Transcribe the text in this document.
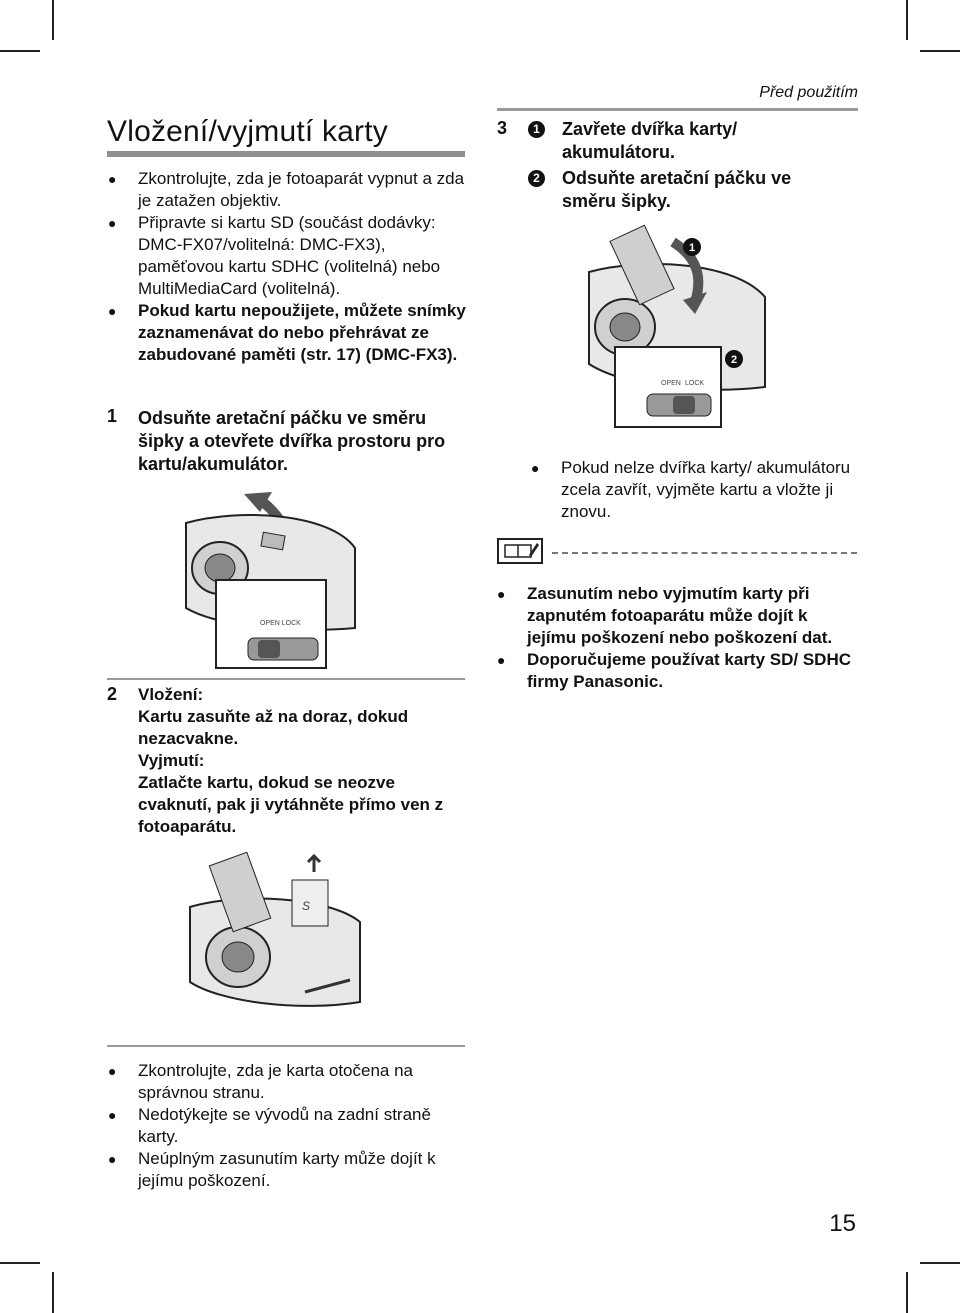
Před použitím
Vložení/vyjmutí karty

● Zkontrolujte, zda je fotoaparát vypnut a zda je zatažen objektiv.

● Připravte si kartu SD (součást dodávky: DMC-FX07/volitelná: DMC-FX3), paměťovou kartu SDHC (volitelná) nebo MultiMediaCard (volitelná).

● Pokud kartu nepoužijete, můžete snímky zaznamenávat do nebo přehrávat ze zabudované paměti (str. 17) (DMC-FX3).

1 Odsuňte aretační páčku ve směru šipky a otevřete dvířka prostoru pro kartu/akumulátor.
OPEN LOCK
2 Vložení:
Kartu zasuňte až na doraz, dokud nezacvakne.
Vyjmutí:
Zatlačte kartu, dokud se neozve cvaknutí, pak ji vytáhněte přímo ven z fotoaparátu.
S

● Zkontrolujte, zda je karta otočena na správnou stranu.

● Nedotýkejte se vývodů na zadní straně karty.

● Neúplným zasunutím karty může dojít k jejímu poškození.

3	1 Zavřete dvířka karty/ akumulátoru.
2 Odsuňte aretační páčku ve směru šipky.
OPEN LOCK
1
2

● Pokud nelze dvířka karty/ akumulátoru zcela zavřít, vyjměte kartu a vložte ji znovu.

● Zasunutím nebo vyjmutím karty při zapnutém fotoaparátu může dojít k jejímu poškození nebo poškození dat.

● Doporučujeme používat karty SD/ SDHC firmy Panasonic.

15
